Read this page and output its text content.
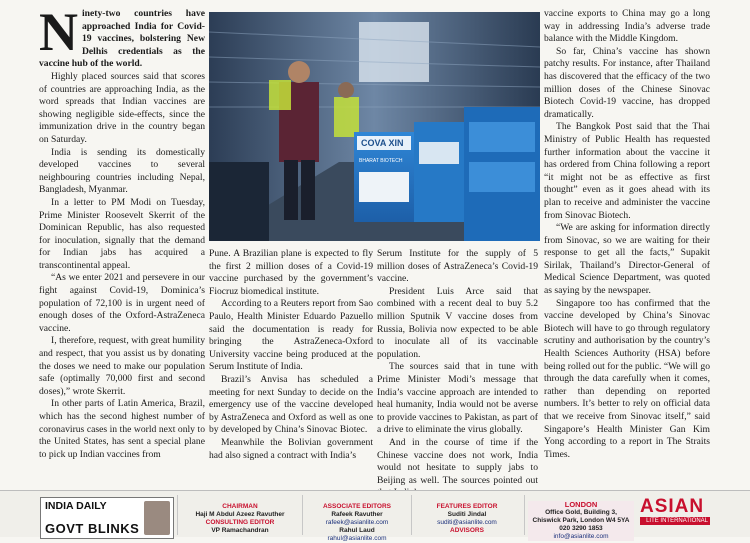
Ninety-two countries have approached India for Covid-19 vaccines, bolstering New Delhis credentials as the vaccine hub of the world.

Highly placed sources said that scores of countries are approaching India, as the word spreads that Indian vaccines are showing negligible side-effects, since the immunization drive in the country began on Saturday.

India is sending its domestically developed vaccines to several neighbouring countries including Nepal, Bangladesh, Myanmar.

In a letter to PM Modi on Tuesday, Prime Minister Roosevelt Skerrit of the Dominican Republic, has also requested for inoculation, signally that the demand for Indian jabs has acquired a transcontinental appeal.

“As we enter 2021 and persevere in our fight against Covid-19, Dominica’s population of 72,100 is in urgent need of enough doses of the Oxford-AstraZeneca vaccine.

I, therefore, request, with great humility and respect, that you assist us by donating the doses we need to make our population safe (optimally 70,000 first and second doses),” wrote Skerrit.

In other parts of Latin America, Brazil, which has the second highest number of coronavirus cases in the world next only to the United States, has sent a special plane to pick up Indian vaccines from

COVA XIN
BHARAT BIOTECH

Pune. A Brazilian plane is expected to fly the first 2 million doses of a Covid-19 vaccine purchased by the government’s Fiocruz biomedical institute.

According to a Reuters report from Sao Paulo, Health Minister Eduardo Pazuello said the documentation is ready for bringing the AstraZeneca-Oxford University vaccine being produced at the Serum Institute of India.

Brazil’s Anvisa has scheduled a meeting for next Sunday to decide on the emergency use of the vaccine developed by AstraZeneca and Oxford as well as one by developed by China’s Sinovac Biotec.

Meanwhile the Bolivian government had also signed a contract with India’s

Serum Institute for the supply of 5 million doses of AstraZeneca’s Covid-19 vaccine.

President Luis Arce said that combined with a recent deal to buy 5.2 million Sputnik V vaccine doses from Russia, Bolivia now expected to be able to inoculate all of its vaccinable population.

The sources said that in tune with Prime Minister Modi’s message that India’s vaccine approach are intended to heal humanity, India would not be averse to provide vaccines to Pakistan, as part of a drive to eliminate the virus globally.

And in the course of time if the Chinese vaccine does not work, India would not hesitate to supply jabs to Beijing as well. The sources pointed out

vaccine exports to China may go a long way in addressing India’s adverse trade balance with the Middle Kingdom.

So far, China’s vaccine has shown patchy results. For instance, after Thailand has discovered that the efficacy of the two million doses of the Chinese Sinovac Biotech Covid-19 vaccine, has dropped dramatically.

The Bangkok Post said that the Thai Ministry of Public Health has requested further information about the vaccine it has ordered from China following a report “it might not be as effective as first thought” even as it goes ahead with its plan to receive and administer the vaccine from Sinovac Biotech.

“We are asking for information directly from Sinovac, so we are waiting for their response to get all the facts,” Supakit Sirilak, Thailand’s Director-General of Medical Science Department, was quoted as saying by the newspaper.

Singapore too has confirmed that the vaccine developed by China’s Sinovac Biotech will have to go through regulatory scrutiny and authorisation by the country’s Health Sciences Authority (HSA) before being rolled out for the public. “We will go through the data carefully when it comes, rather than depending on reported numbers. It’s better to rely on official data that we receive from Sinovac itself,” said Singapore’s Health Minister Gan Kim Yong according to a report in The Straits Times.

INDIA DAILY
GOVT BLINKS
CHAIRMAN
Haji M Abdul Azeez Ravuther
CONSULTING EDITOR
VP Ramachandran
ASSOCIATE EDITORS
Rafeek Ravuther
rafeek@asianlite.com
Rahul Laud
rahul@asianlite.com
FEATURES EDITOR
Suditi Jindal
suditi@asianlite.com
ADVISORS
LONDON
Office Gold, Building 3,
Chiswick Park, London W4 5YA
020 3290 1853
info@asianlite.com
ASIAN
LITE INTERNATIONAL
